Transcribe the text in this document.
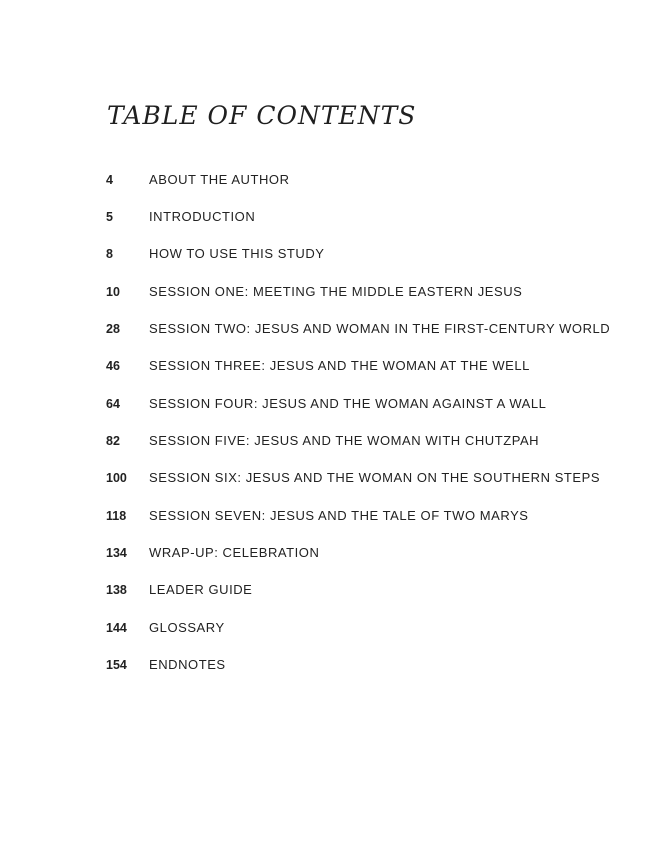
TABLE OF CONTENTS
4	ABOUT THE AUTHOR
5	INTRODUCTION
8	HOW TO USE THIS STUDY
10 SESSION ONE: MEETING THE MIDDLE EASTERN JESUS
28 SESSION TWO: JESUS AND WOMAN IN THE FIRST-CENTURY WORLD
46 SESSION THREE: JESUS AND THE WOMAN AT THE WELL
64 SESSION FOUR: JESUS AND THE WOMAN AGAINST A WALL
82 SESSION FIVE: JESUS AND THE WOMAN WITH CHUTZPAH
100 SESSION SIX: JESUS AND THE WOMAN ON THE SOUTHERN STEPS
118 SESSION SEVEN: JESUS AND THE TALE OF TWO MARYS
134 WRAP-UP: CELEBRATION
138 LEADER GUIDE
144 GLOSSARY
154 ENDNOTES
